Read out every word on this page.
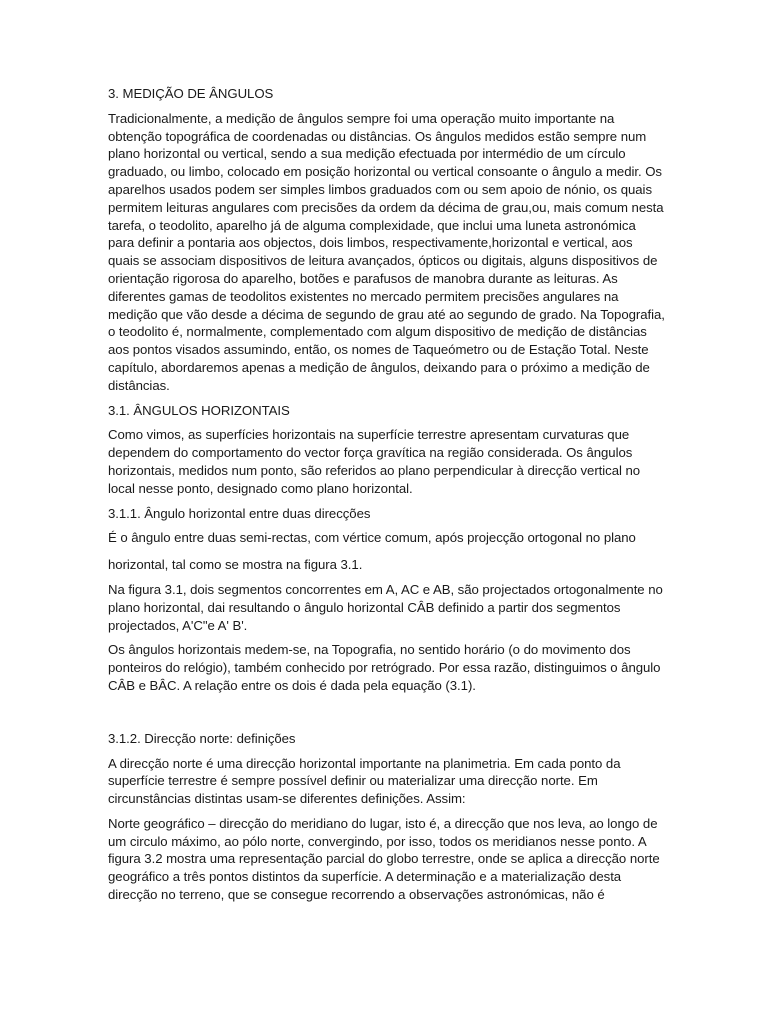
3. MEDIÇÃO DE ÂNGULOS
Tradicionalmente, a medição de ângulos sempre foi uma operação muito importante na
obtenção topográfica de coordenadas ou distâncias. Os ângulos medidos estão sempre num
plano horizontal ou vertical, sendo a sua medição efectuada por intermédio de um círculo
graduado, ou limbo, colocado em posição horizontal ou vertical consoante o ângulo a medir. Os
aparelhos usados podem ser simples limbos graduados com ou sem apoio de nónio, os quais
permitem leituras angulares com precisões da ordem da décima de grau,ou, mais comum nesta
tarefa, o teodolito, aparelho já de alguma complexidade, que inclui uma luneta astronómica
para definir a pontaria aos objectos, dois limbos, respectivamente,horizontal e vertical, aos
quais se associam dispositivos de leitura avançados, ópticos ou digitais, alguns dispositivos de
orientação rigorosa do aparelho, botões e parafusos de manobra durante as leituras. As
diferentes gamas de teodolitos existentes no mercado permitem precisões angulares na
medição que vão desde a décima de segundo de grau até ao segundo de grado. Na Topografia,
o teodolito é, normalmente, complementado com algum dispositivo de medição de distâncias
aos pontos visados assumindo, então, os nomes de Taqueómetro ou de Estação Total. Neste
capítulo, abordaremos apenas a medição de ângulos, deixando para o próximo a medição de
distâncias.
3.1. ÂNGULOS HORIZONTAIS
Como vimos, as superfícies horizontais na superfície terrestre apresentam curvaturas que
dependem do comportamento do vector força gravítica na região considerada. Os ângulos
horizontais, medidos num ponto, são referidos ao plano perpendicular à direcção vertical no
local nesse ponto, designado como plano horizontal.
3.1.1. Ângulo horizontal entre duas direcções
É o ângulo entre duas semi-rectas, com vértice comum, após projecção ortogonal no plano
horizontal, tal como se mostra na figura 3.1.
Na figura 3.1, dois segmentos concorrentes em A, AC e AB, são projectados ortogonalmente no
plano horizontal, dai resultando o ângulo horizontal CÂB definido a partir dos segmentos
projectados, A'C"e A' B'.
Os ângulos horizontais medem-se, na Topografia, no sentido horário (o do movimento dos
ponteiros do relógio), também conhecido por retrógrado. Por essa razão, distinguimos o ângulo
CÂB e BÂC. A relação entre os dois é dada pela equação (3.1).
3.1.2. Direcção norte: definições
A direcção norte é uma direcção horizontal importante na planimetria. Em cada ponto da
superfície terrestre é sempre possível definir ou materializar uma direcção norte. Em
circunstâncias distintas usam-se diferentes definições. Assim:
Norte geográfico – direcção do meridiano do lugar, isto é, a direcção que nos leva, ao longo de
um circulo máximo, ao pólo norte, convergindo, por isso, todos os meridianos nesse ponto. A
figura 3.2 mostra uma representação parcial do globo terrestre, onde se aplica a direcção norte
geográfico a três pontos distintos da superfície. A determinação e a materialização desta
direcção no terreno, que se consegue recorrendo a observações astronómicas, não é
